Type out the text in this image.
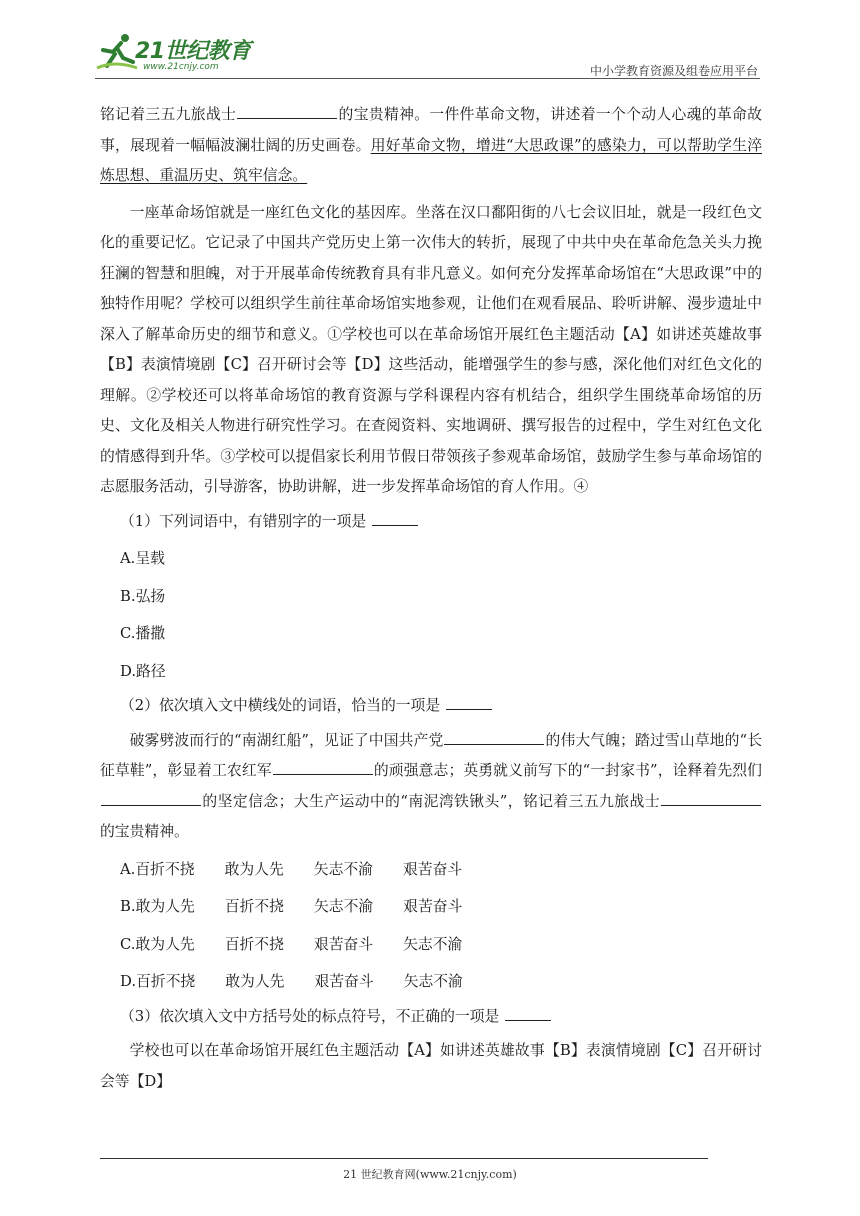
21世纪教育
www.21cnjy.com	中小学教育资源及组卷应用平台

铭记着三五九旅战士	的宝贵精神。一件件革命文物，讲述着一个个动人心魂的革命故事，展现着一幅幅波澜壮阔的历史画卷。用好革命文物，增进“大思政课”的感染力，可以帮助学生淬炼思想、重温历史、筑牢信念。

一座革命场馆就是一座红色文化的基因库。坐落在汉口鄱阳街的八七会议旧址，就是一段红色文化的重要记忆。它记录了中国共产党历史上第一次伟大的转折，展现了中共中央在革命危急关头力挽狂澜的智慧和胆魄，对于开展革命传统教育具有非凡意义。如何充分发挥革命场馆在“大思政课”中的独特作用呢？学校可以组织学生前往革命场馆实地参观，让他们在观看展品、聆听讲解、漫步遗址中深入了解革命历史的细节和意义。①学校也可以在革命场馆开展红色主题活动【A】如讲述英雄故事【B】表演情境剧【C】召开研讨会等【D】这些活动，能增强学生的参与感，深化他们对红色文化的理解。②学校还可以将革命场馆的教育资源与学科课程内容有机结合，组织学生围绕革命场馆的历史、文化及相关人物进行研究性学习。在查阅资料、实地调研、撰写报告的过程中，学生对红色文化的情感得到升华。③学校可以提倡家长利用节假日带领孩子参观革命场馆，鼓励学生参与革命场馆的志愿服务活动，引导游客，协助讲解，进一步发挥革命场馆的育人作用。④

（1）下列词语中，有错别字的一项是

A.呈载

B.弘扬

C.播撒

D.路径

（2）依次填入文中横线处的词语，恰当的一项是

破雾劈波而行的“南湖红船”，见证了中国共产党	的伟大气魄；踏过雪山草地的“长征草鞋”，彰显着工农红军	的顽强意志；英勇就义前写下的“一封家书”，诠释着先烈们的坚定信念；大生产运动中的“南泥湾铁锹头”，铭记着三五九旅战士的宝贵精神。

A.百折不挠 敢为人先 矢志不渝 艰苦奋斗

B.敢为人先 百折不挠 矢志不渝 艰苦奋斗

C.敢为人先 百折不挠 艰苦奋斗 矢志不渝

D.百折不挠 敢为人先 艰苦奋斗 矢志不渝

（3）依次填入文中方括号处的标点符号，不正确的一项是

学校也可以在革命场馆开展红色主题活动【A】如讲述英雄故事【B】表演情境剧【C】召开研讨会等【D】

21 世纪教育网(www.21cnjy.com)
